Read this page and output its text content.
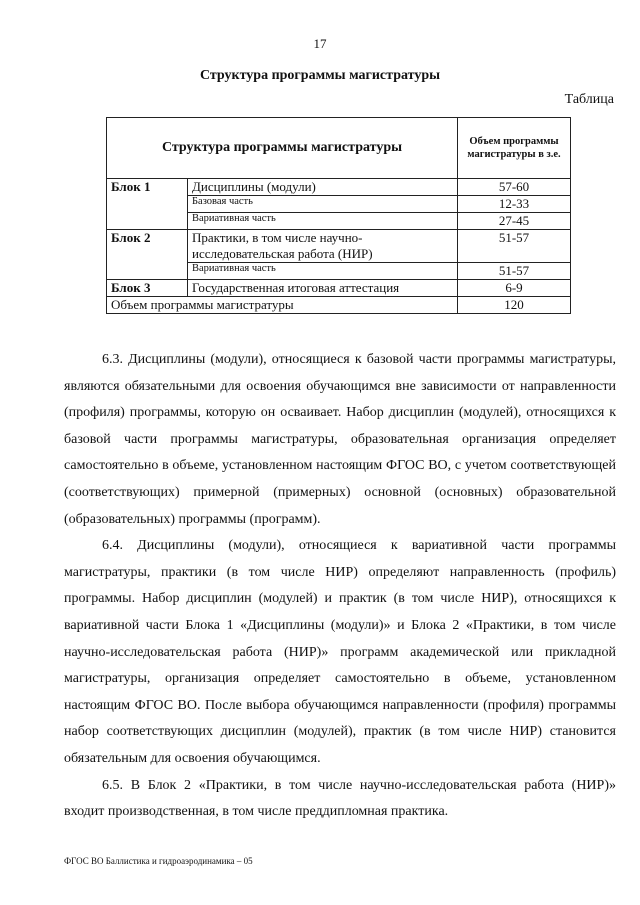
17
Структура программы магистратуры
Таблица
Структура программы магистратуры		Объем программы магистратуры в з.е.
Блок 1	Дисциплины (модули)	57-60
	Базовая часть	12-33
	Вариативная часть	27-45
Блок 2	Практики, в том числе научно-исследовательская работа (НИР)	51-57
	Вариативная часть	51-57
Блок 3	Государственная итоговая аттестация	6-9
Объем программы магистратуры		120

6.3. Дисциплины (модули), относящиеся к базовой части программы магистратуры, являются обязательными для освоения обучающимся вне зависимости от направленности (профиля) программы, которую он осваивает. Набор дисциплин (модулей), относящихся к базовой части программы магистратуры, образовательная организация определяет самостоятельно в объеме, установленном настоящим ФГОС ВО, с учетом соответствующей (соответствующих) примерной (примерных) основной (основных) образовательной (образовательных) программы (программ).

6.4. Дисциплины (модули), относящиеся к вариативной части программы магистратуры, практики (в том числе НИР) определяют направленность (профиль) программы. Набор дисциплин (модулей) и практик (в том числе НИР), относящихся к вариативной части Блока 1 «Дисциплины (модули)» и Блока 2 «Практики, в том числе научно-исследовательская работа (НИР)» программ академической или прикладной магистратуры, организация определяет самостоятельно в объеме, установленном настоящим ФГОС ВО. После выбора обучающимся направленности (профиля) программы набор соответствующих дисциплин (модулей), практик (в том числе НИР) становится обязательным для освоения обучающимся.

6.5. В Блок 2 «Практики, в том числе научно-исследовательская работа (НИР)» входит производственная, в том числе преддипломная практика.

ФГОС ВО Баллистика и гидроаэродинамика – 05
